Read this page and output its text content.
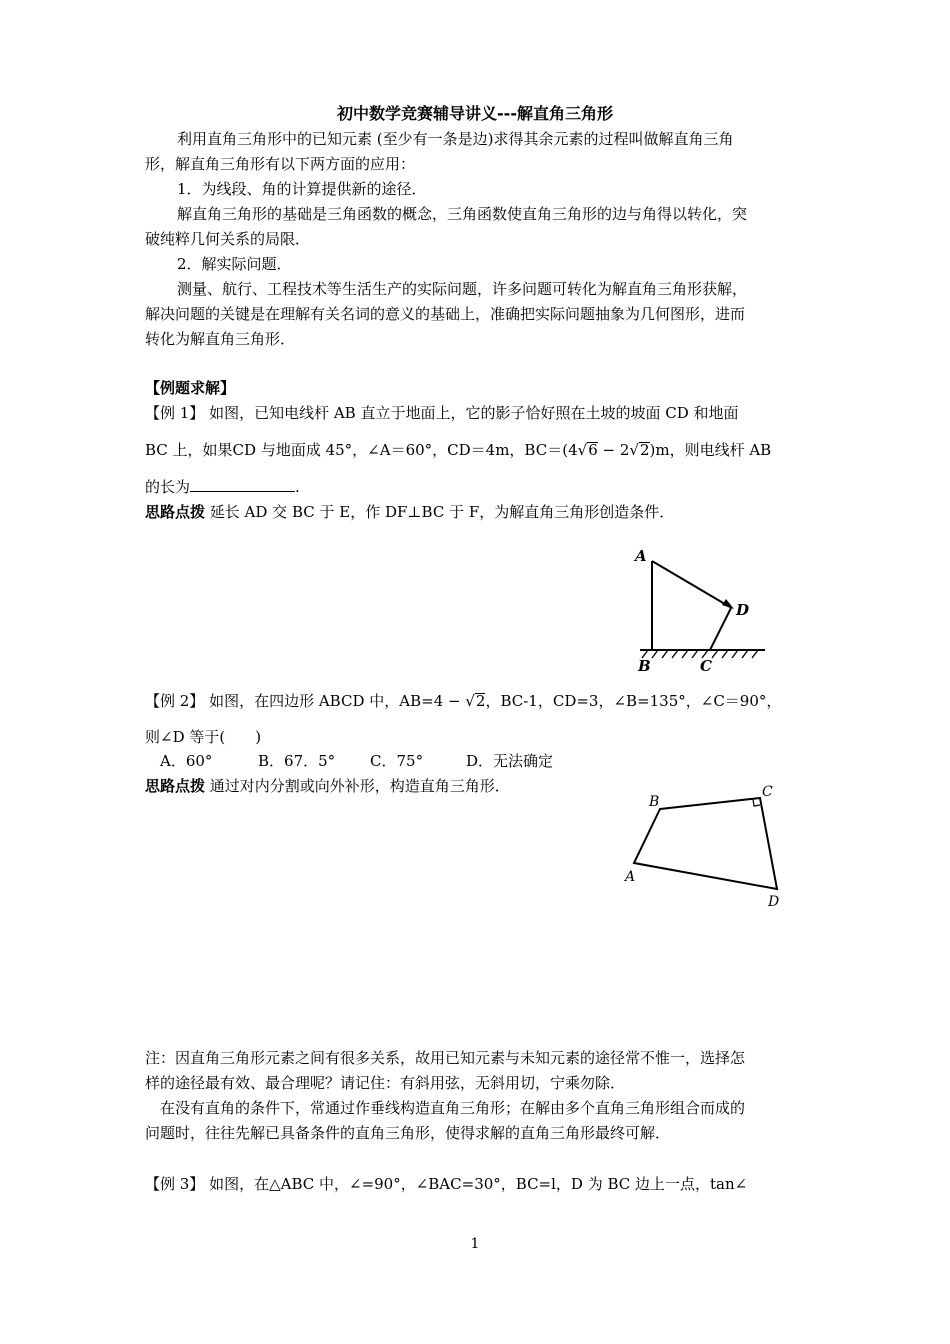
初中数学竞赛辅导讲义---解直角三角形
利用直角三角形中的已知元素 (至少有一条是边)求得其余元素的过程叫做解直角三角
形，解直角三角形有以下两方面的应用：
1．为线段、角的计算提供新的途径．
解直角三角形的基础是三角函数的概念，三角函数使直角三角形的边与角得以转化，突
破纯粹几何关系的局限．
2．解实际问题．
测量、航行、工程技术等生活生产的实际问题，许多问题可转化为解直角三角形获解，
解决问题的关键是在理解有关名词的意义的基础上，准确把实际问题抽象为几何图形，进而
转化为解直角三角形．
【例题求解】
【例 1】 如图，已知电线杆 AB 直立于地面上，它的影子恰好照在土坡的坡面 CD 和地面
BC 上，如果CD 与地面成 45°，∠A＝60°，CD＝4m，BC＝(4√6 − 2√2)m，则电线杆 AB
的长为	.
思路点拨 延长 AD 交 BC 于 E，作 DF⊥BC 于 F，为解直角三角形创造条件．
A
D
B	C
【例 2】 如图，在四边形 ABCD 中，AB=4 − √2，BC-1，CD=3，∠B=135°，∠C＝90°，
则∠D 等于(　　)
A．60°	B．67．5° C．75°	D．无法确定
思路点拨 通过对内分割或向外补形，构造直角三角形．
B
C
A
D
注：因直角三角形元素之间有很多关系，故用已知元素与未知元素的途径常不惟一，选择怎
样的途径最有效、最合理呢？请记住：有斜用弦，无斜用切，宁乘勿除．
在没有直角的条件下，常通过作垂线构造直角三角形；在解由多个直角三角形组合而成的
问题时，往往先解已具备条件的直角三角形，使得求解的直角三角形最终可解．
【例 3】 如图，在△ABC 中，∠=90°，∠BAC=30°，BC=l，D 为 BC 边上一点，tan∠
1
